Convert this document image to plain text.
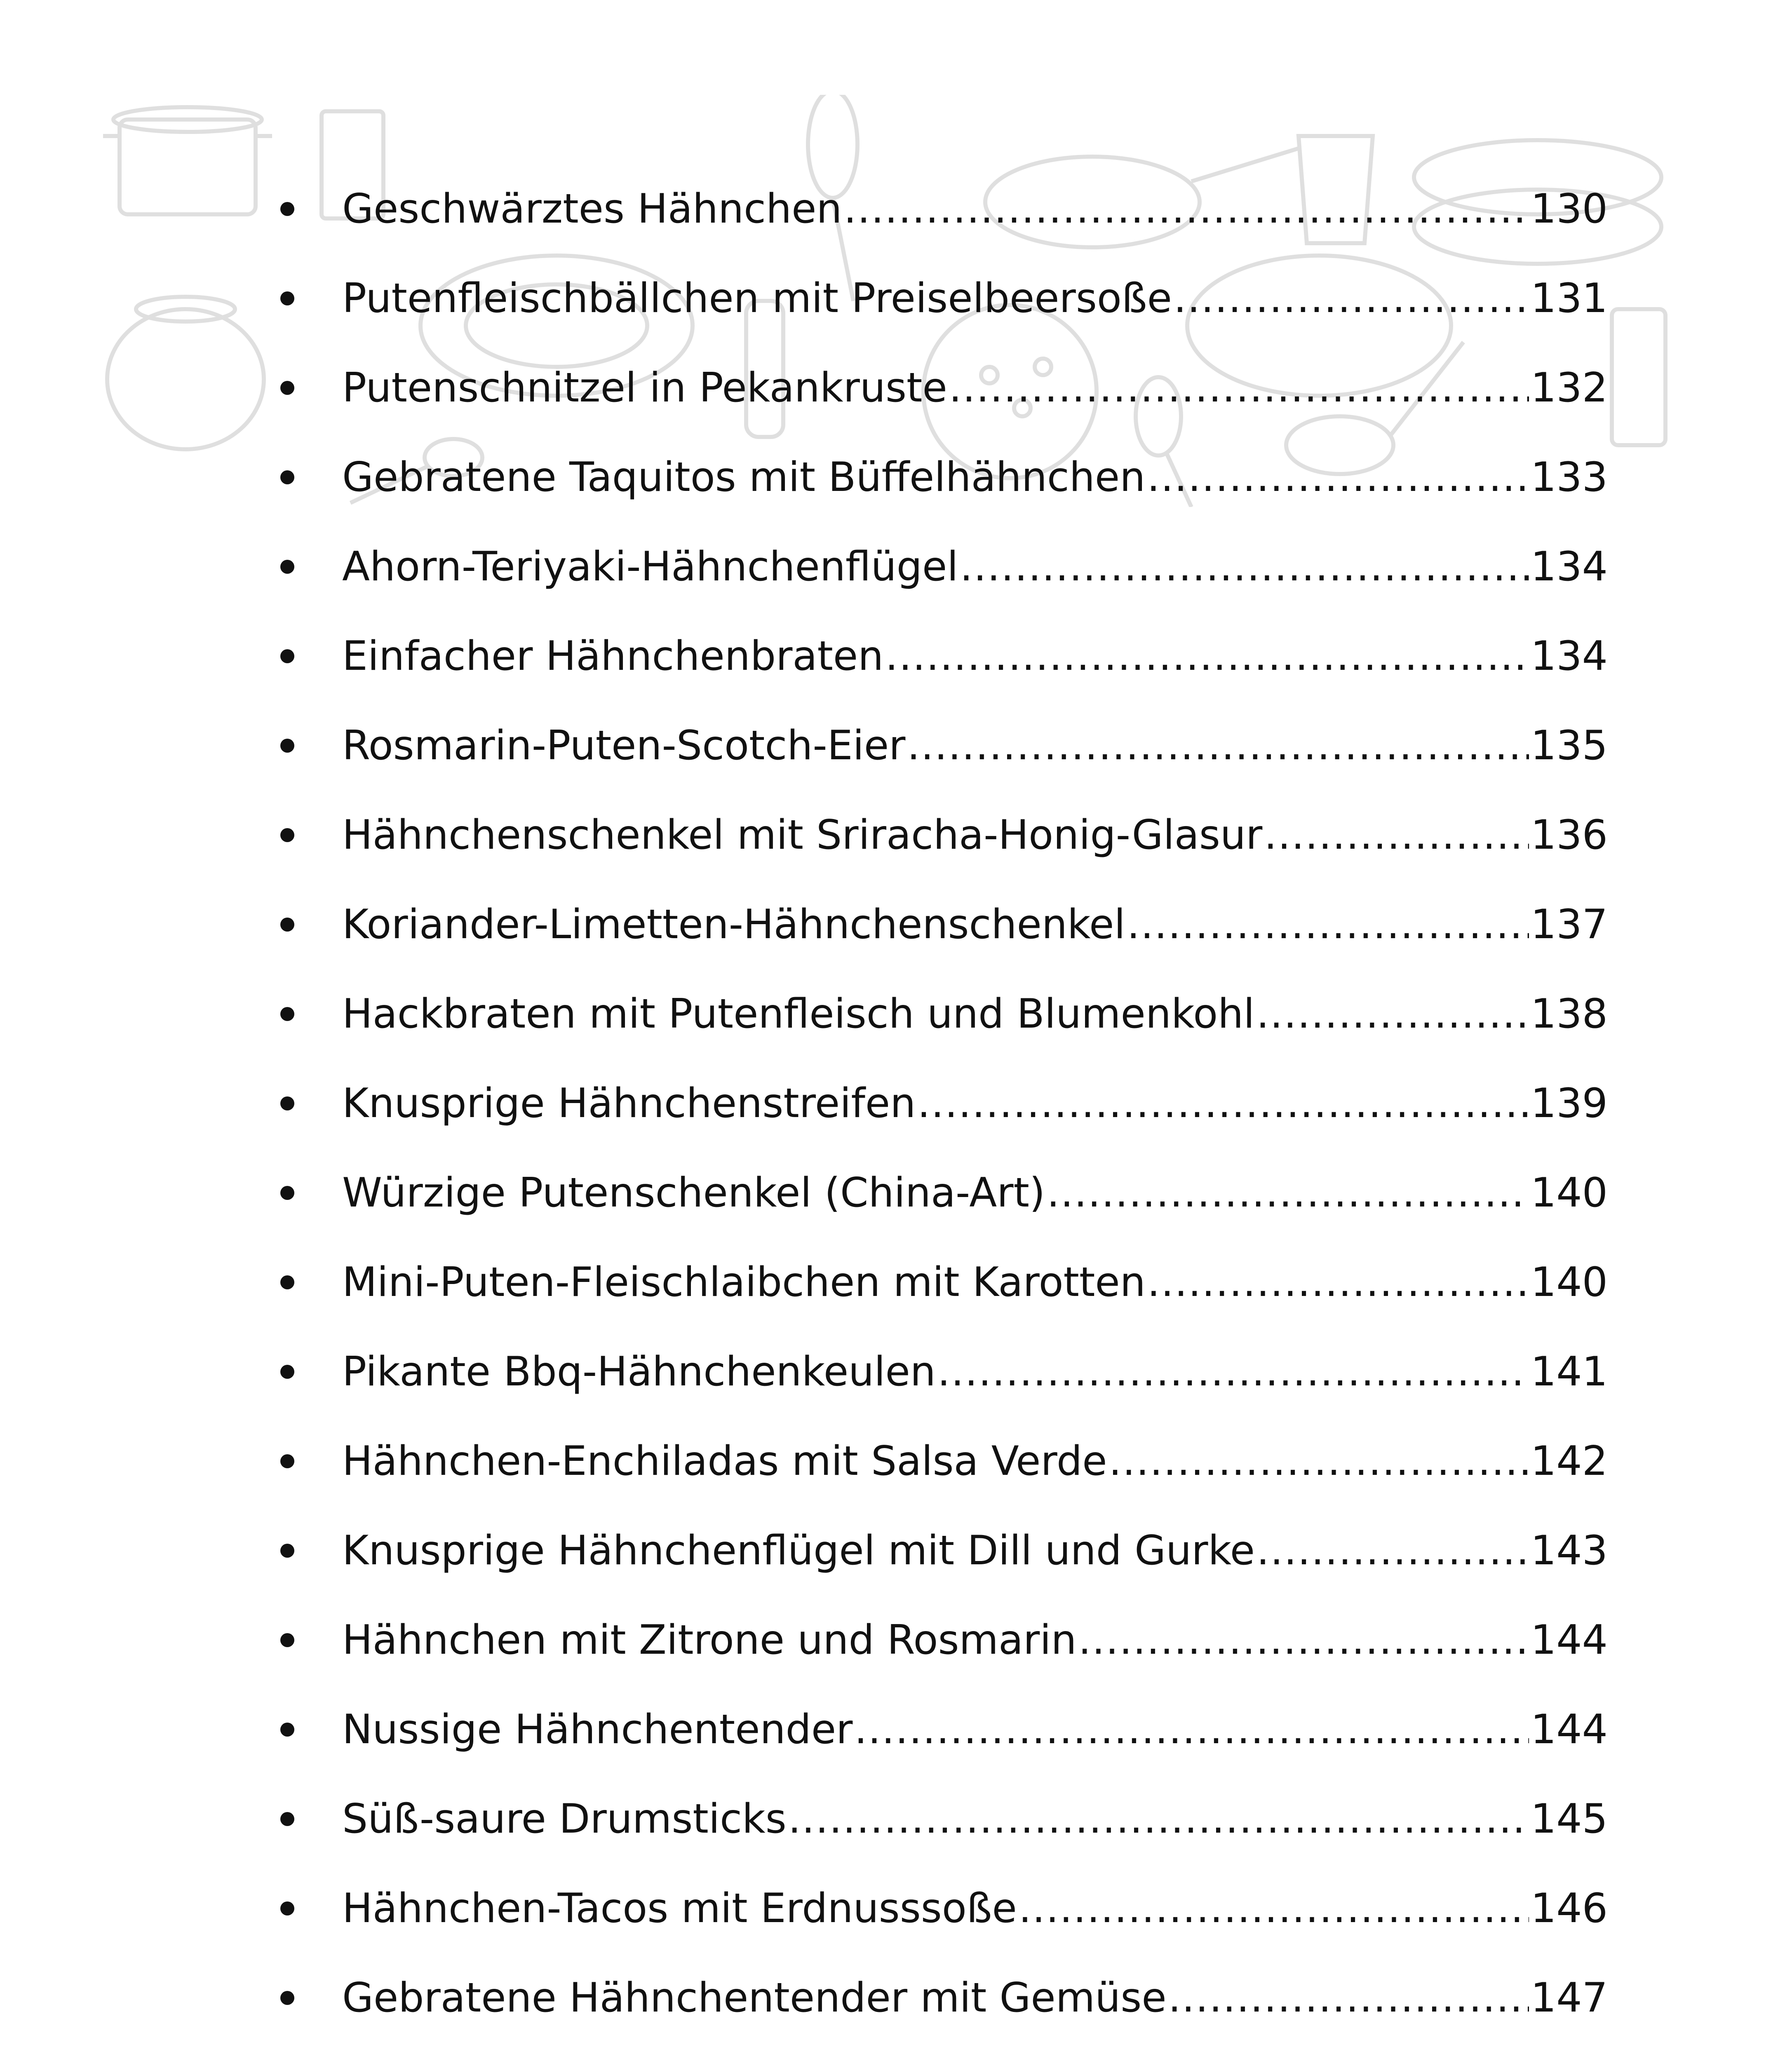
Geschwärztes Hähnchen .....	130
Putenfleischbällchen mit Preiselbeersoße .....	131
Putenschnitzel in Pekankruste .....	132
Gebratene Taquitos mit Büffelhähnchen .....	133
Ahorn-Teriyaki-Hähnchenflügel .....	134
Einfacher Hähnchenbraten .....	134
Rosmarin-Puten-Scotch-Eier .....	135
Hähnchenschenkel mit Sriracha-Honig-Glasur .....	136
Koriander-Limetten-Hähnchenschenkel .....	137
Hackbraten mit Putenfleisch und Blumenkohl .....	138
Knusprige Hähnchenstreifen .....	139
Würzige Putenschenkel (China-Art) .....	140
Mini-Puten-Fleischlaibchen mit Karotten .....	140
Pikante Bbq-Hähnchenkeulen .....	141
Hähnchen-Enchiladas mit Salsa Verde .....	142
Knusprige Hähnchenflügel mit Dill und Gurke .....	143
Hähnchen mit Zitrone und Rosmarin .....	144
Nussige Hähnchentender .....	144
Süß-saure Drumsticks .....	145
Hähnchen-Tacos mit Erdnusssoße .....	146
Gebratene Hähnchentender mit Gemüse .....	147
